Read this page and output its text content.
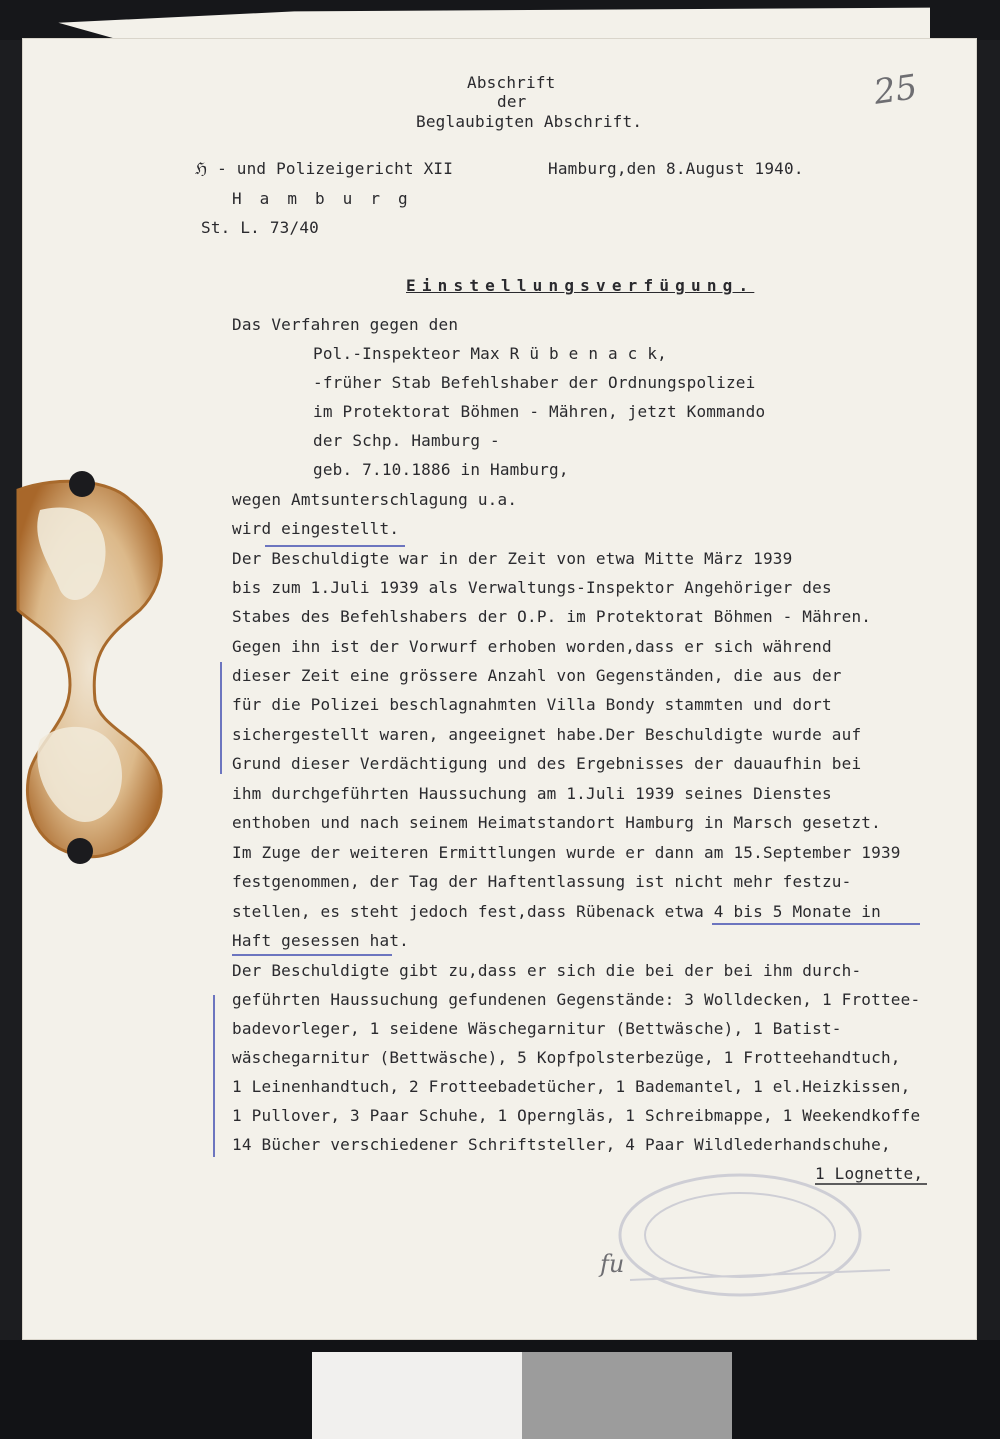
25
Abschrift
der
Beglaubigten Abschrift.
ℌ - und Polizeigericht XII	Hamburg,den 8.August 1940.
H a m b u r g
St. L. 73/40
Einstellungsverfügung.
Das Verfahren gegen den
Pol.-Inspekteor Max R ü b e n a c k,
-früher Stab Befehlshaber der Ordnungspolizei
im Protektorat Böhmen - Mähren, jetzt Kommando
der Schp. Hamburg -
geb. 7.10.1886 in Hamburg,
wegen Amtsunterschlagung u.a.
wird eingestellt.
Der Beschuldigte war in der Zeit von etwa Mitte März 1939
bis zum 1.Juli 1939 als Verwaltungs-Inspektor Angehöriger des
Stabes des Befehlshabers der O.P. im Protektorat Böhmen - Mähren.
Gegen ihn ist der Vorwurf erhoben worden,dass er sich während
dieser Zeit eine grössere Anzahl von Gegenständen, die aus der
für die Polizei beschlagnahmten Villa Bondy stammten und dort
sichergestellt waren, angeeignet habe.Der Beschuldigte wurde auf
Grund dieser Verdächtigung und des Ergebnisses der dauaufhin bei
ihm durchgeführten Haussuchung am 1.Juli 1939 seines Dienstes
enthoben und nach seinem Heimatstandort Hamburg in Marsch gesetzt.
Im Zuge der weiteren Ermittlungen wurde er dann am 15.September 1939
festgenommen, der Tag der Haftentlassung ist nicht mehr festzu-
stellen, es steht jedoch fest,dass Rübenack etwa 4 bis 5 Monate in
Haft gesessen hat.
Der Beschuldigte gibt zu,dass er sich die bei der bei ihm durch-
geführten Haussuchung gefundenen Gegenstände: 3 Wolldecken, 1 Frottee-
badevorleger, 1 seidene Wäschegarnitur (Bettwäsche), 1 Batist-
wäschegarnitur (Bettwäsche), 5 Kopfpolsterbezüge, 1 Frotteehandtuch,
1 Leinenhandtuch, 2 Frotteebadetücher, 1 Bademantel, 1 el.Heizkissen,
1 Pullover, 3 Paar Schuhe, 1 Operngläs, 1 Schreibmappe, 1 Weekendkoffe
14 Bücher verschiedener Schriftsteller, 4 Paar Wildlederhandschuhe,
1 Lognette,
fu
